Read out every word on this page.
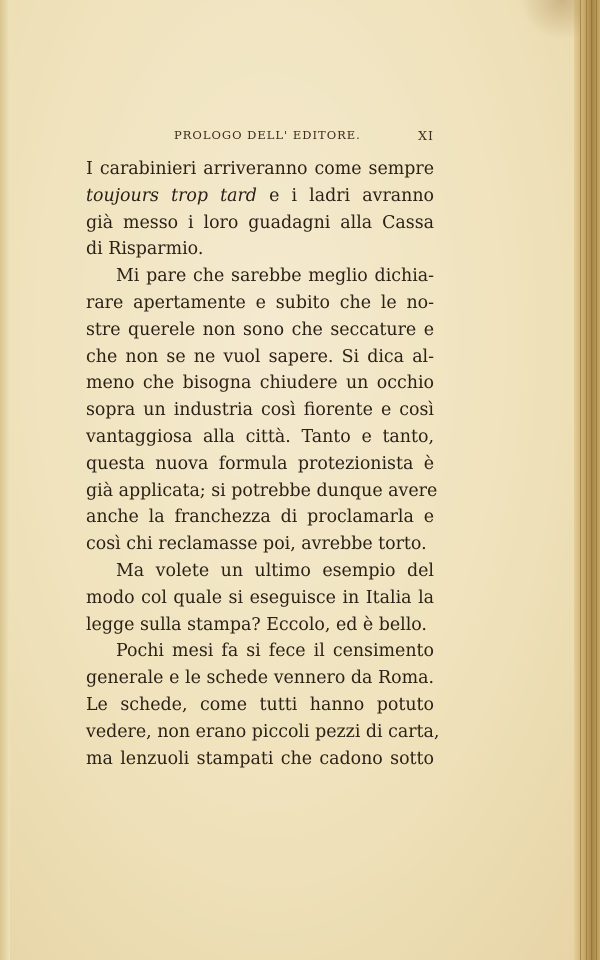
PROLOGO DELL' EDITORE.	XI
I carabinieri arriveranno come sempre
toujours trop tard e i ladri avranno
già messo i loro guadagni alla Cassa
di Risparmio.
Mi pare che sarebbe meglio dichia-
rare apertamente e subito che le no-
stre querele non sono che seccature e
che non se ne vuol sapere. Si dica al-
meno che bisogna chiudere un occhio
sopra un industria così fiorente e così
vantaggiosa alla città. Tanto e tanto,
questa nuova formula protezionista è
già applicata; si potrebbe dunque avere
anche la franchezza di proclamarla e
così chi reclamasse poi, avrebbe torto.
Ma volete un ultimo esempio del
modo col quale si eseguisce in Italia la
legge sulla stampa? Eccolo, ed è bello.
Pochi mesi fa si fece il censimento
generale e le schede vennero da Roma.
Le schede, come tutti hanno potuto
vedere, non erano piccoli pezzi di carta,
ma lenzuoli stampati che cadono sotto
